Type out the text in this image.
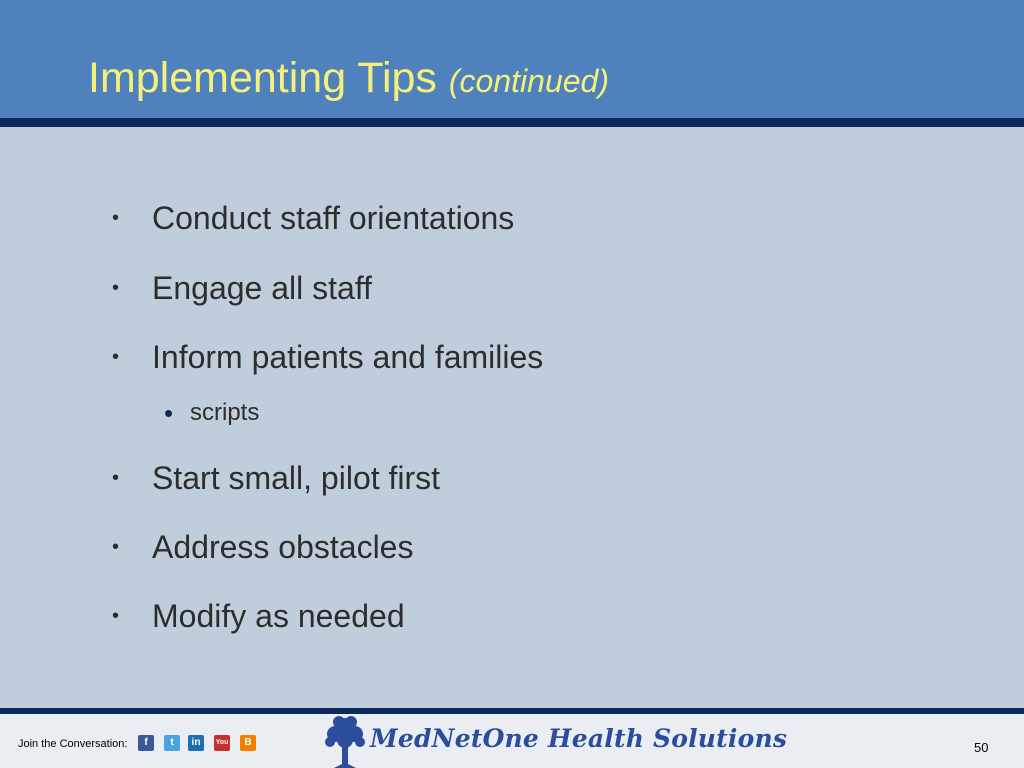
Implementing Tips (continued)
•	Conduct staff orientations
•	Engage all staff
•	Inform patients and families
• scripts
•	Start small, pilot first
•	Address obstacles
•	Modify as needed
Join the Conversation:	f	t	in	You	B	MedNetOne Health Solutions	50
